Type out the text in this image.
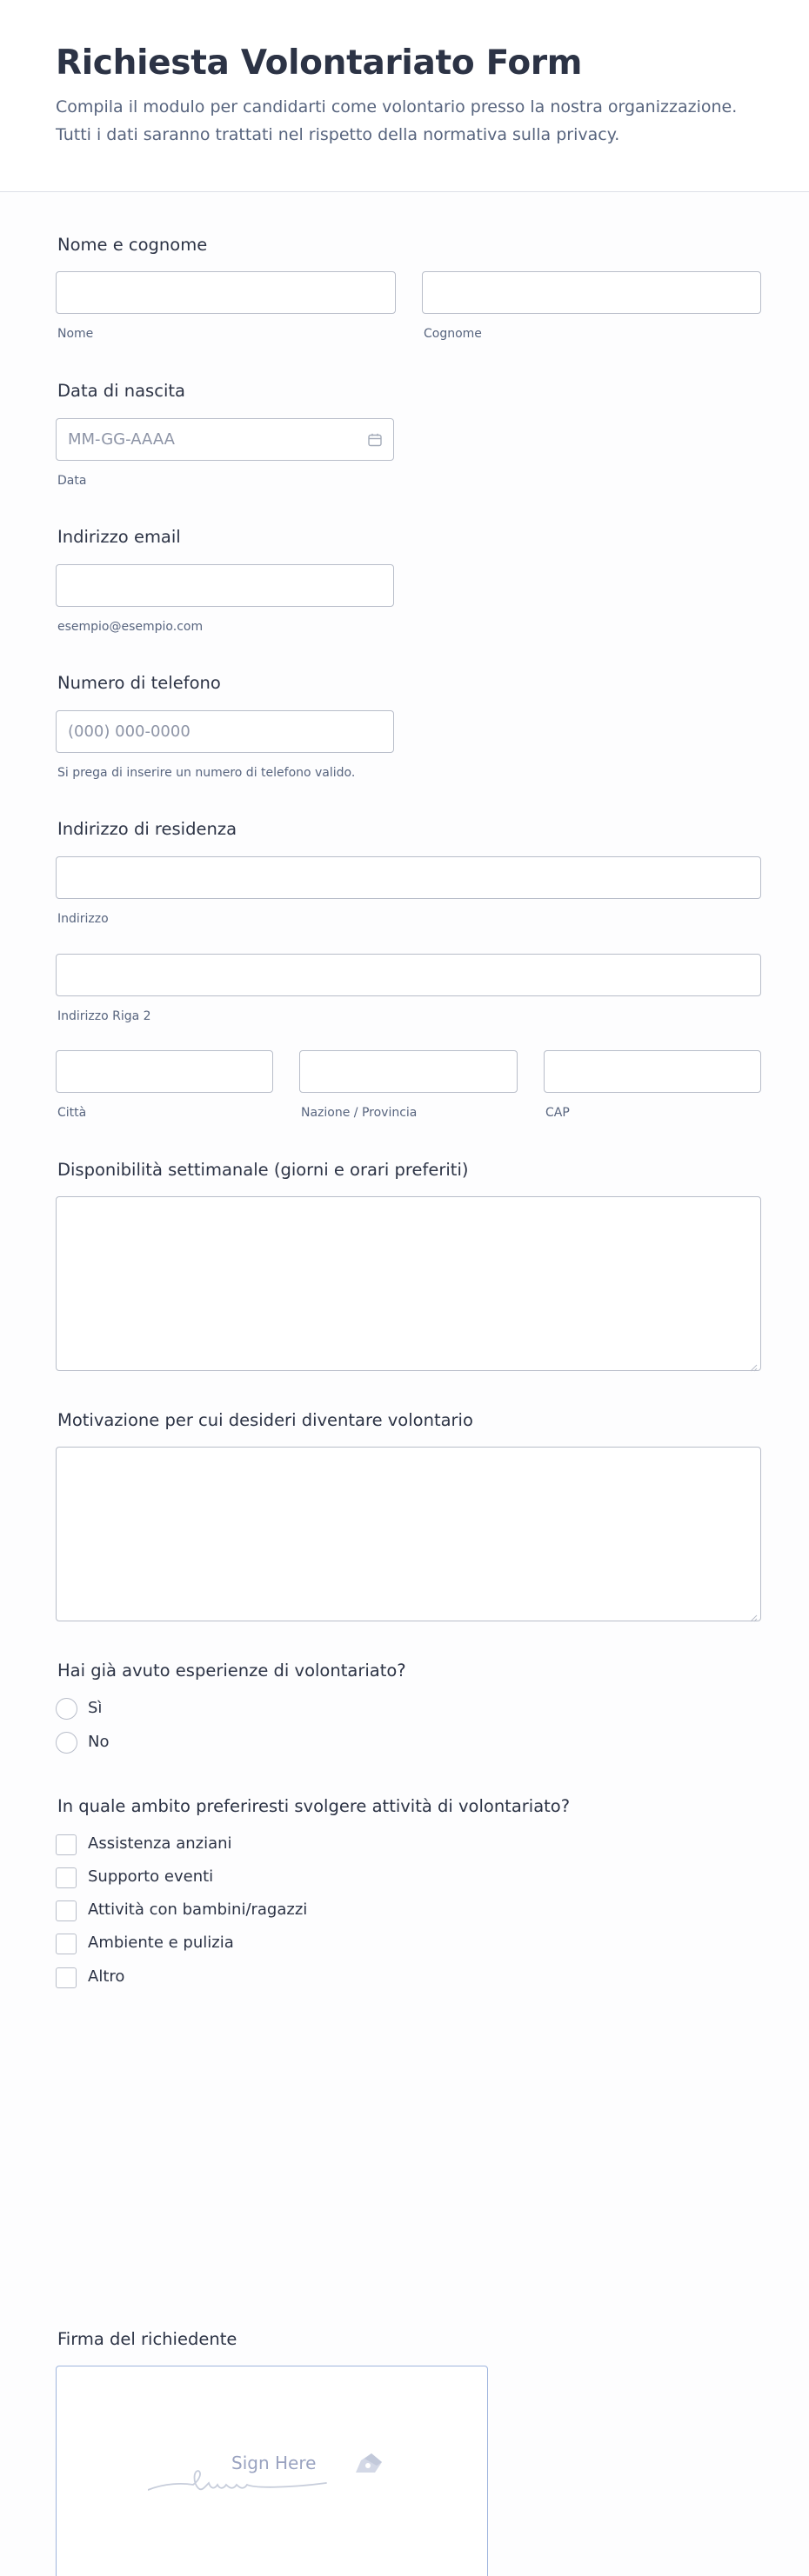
Richiesta Volontariato Form
Compila il modulo per candidarti come volontario presso la nostra organizzazione.
Tutti i dati saranno trattati nel rispetto della normativa sulla privacy.
Nome e cognome
Nome	Cognome
Data di nascita
MM-GG-AAAA
Data
Indirizzo email
esempio@esempio.com
Numero di telefono
(000) 000-0000
Si prega di inserire un numero di telefono valido.
Indirizzo di residenza
Indirizzo
Indirizzo Riga 2
Città	Nazione / Provincia	CAP
Disponibilità settimanale (giorni e orari preferiti)
Motivazione per cui desideri diventare volontario
Hai già avuto esperienze di volontariato?
Sì
No
In quale ambito preferiresti svolgere attività di volontariato?
Assistenza anziani
Supporto eventi
Attività con bambini/ragazzi
Ambiente e pulizia
Altro
Firma del richiedente
Sign Here
